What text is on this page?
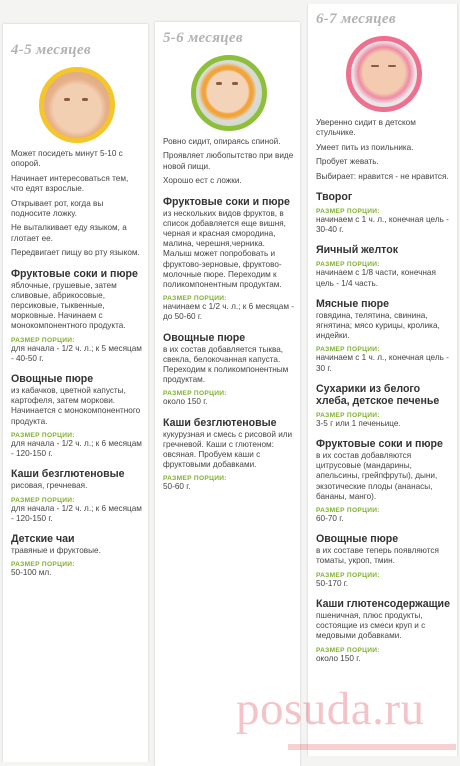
4-5 месяцев

Может посидеть минут 5-10 с опорой.

Начинает интересоваться тем, что едят взрослые.

Открывает рот, когда вы подносите ложку.

Не выталкивает еду языком, а глотает ее.

Передвигает пищу во рту языком.

Фруктовые соки и пюре
яблочные, грушевые, затем сливовые, абрикосовые, персиковые, тыквенные, морковные. Начинаем с монокомпонентного продукта.
РАЗМЕР ПОРЦИИ:
для начала - 1/2 ч. л.; к 5 месяцам - 40-50 г.
Овощные пюре
из кабачков, цветной капусты, картофеля, затем моркови. Начинается с монокомпонентного продукта.
РАЗМЕР ПОРЦИИ:
для начала - 1/2 ч. л.; к 6 месяцам - 120-150 г.
Каши безглютеновые
рисовая, гречневая.
РАЗМЕР ПОРЦИИ:
для начала - 1/2 ч. л.; к 6 месяцам - 120-150 г.
Детские чаи
травяные и фруктовые.
РАЗМЕР ПОРЦИИ:
50-100 мл.
5-6 месяцев

Ровно сидит, опираясь спиной.

Проявляет любопытство при виде новой пищи.

Хорошо ест с ложки.

Фруктовые соки и пюре
из нескольких видов фруктов, в список добавляется еще вишня, черная и красная смородина, малина, черешня,черника. Малыш может попробовать и фруктово-зерновые, фруктово-молочные пюре. Переходим к поликомпонентным продуктам.
РАЗМЕР ПОРЦИИ:
начинаем с 1/2 ч. л.; к 6 месяцам - до 50-60 г.
Овощные пюре
в их состав добавляется тыква, свекла, белокочанная капуста. Переходим к поликомпонентным продуктам.
РАЗМЕР ПОРЦИИ:
около 150 г.
Каши безглютеновые
кукурузная и смесь с рисовой или гречневой. Каши с глютеном: овсяная. Пробуем каши с фруктовыми добавками.
РАЗМЕР ПОРЦИИ:
50-60 г.
6-7 месяцев

Уверенно сидит в детском стульчике.

Умеет пить из поильника.

Пробует жевать.

Выбирает: нравится - не нравится.

Творог
РАЗМЕР ПОРЦИИ:
начинаем с 1 ч. л., конечная цель - 30-40 г.
Яичный желток
РАЗМЕР ПОРЦИИ:
начинаем с 1/8 части, конечная цель - 1/4 часть.
Мясные пюре
говядина, телятина, свинина, ягнятина; мясо курицы, кролика, индейки.
РАЗМЕР ПОРЦИИ:
начинаем с 1 ч. л., конечная цель - 30 г.
Сухарики из белого хлеба, детское печенье
РАЗМЕР ПОРЦИИ:
3-5 г или 1 печеньице.
Фруктовые соки и пюре
в их состав добавляются цитрусовые (мандарины, апельсины, грейпфруты), дыни, экзотические плоды (ананасы, бананы, манго).
РАЗМЕР ПОРЦИИ:
60-70 г.
Овощные пюре
в их составе теперь появляются томаты, укроп, тмин.
РАЗМЕР ПОРЦИИ:
50-170 г.
Каши глютенсодержащие
пшеничная, плюс продукты, состоящие из смеси круп и с медовыми добавками.
РАЗМЕР ПОРЦИИ:
около 150 г.
posuda.ru
